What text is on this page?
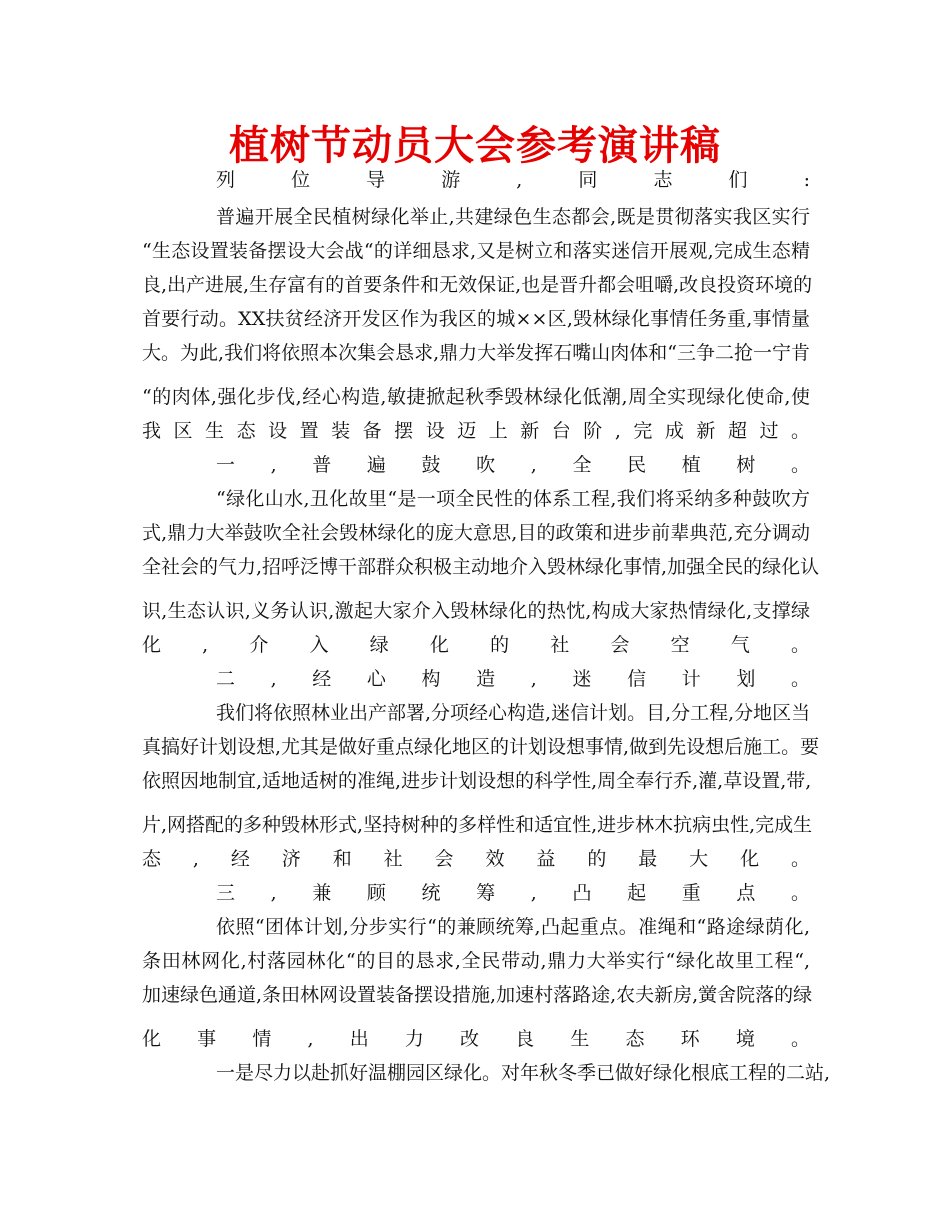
植树节动员大会参考演讲稿

列位导游,同志们:

普遍开展全民植树绿化举止,共建绿色生态都会,既是贯彻落实我区实行

“生态设置装备摆设大会战“的详细恳求,又是树立和落实迷信开展观,完成生态精

良,出产进展,生存富有的首要条件和无效保证,也是晋升都会咀嚼,改良投资环境的

首要行动。XX扶贫经济开发区作为我区的城××区,毁林绿化事情任务重,事情量

大。为此,我们将依照本次集会恳求,鼎力大举发挥石嘴山肉体和“三争二抢一宁肯

“的肉体,强化步伐,经心构造,敏捷掀起秋季毁林绿化低潮,周全实现绿化使命,使

我区生态设置装备摆设迈上新台阶,完成新超过。

一,普遍鼓吹,全民植树。

“绿化山水,丑化故里“是一项全民性的体系工程,我们将采纳多种鼓吹方

式,鼎力大举鼓吹全社会毁林绿化的庞大意思,目的政策和进步前辈典范,充分调动

全社会的气力,招呼泛博干部群众积极主动地介入毁林绿化事情,加强全民的绿化认

识,生态认识,义务认识,激起大家介入毁林绿化的热忱,构成大家热情绿化,支撑绿

化,介入绿化的社会空气。

二,经心构造,迷信计划。

我们将依照林业出产部署,分项经心构造,迷信计划。目,分工程,分地区当

真搞好计划设想,尤其是做好重点绿化地区的计划设想事情,做到先设想后施工。要

依照因地制宜,适地适树的准绳,进步计划设想的科学性,周全奉行乔,灌,草设置,带,

片,网搭配的多种毁林形式,坚持树种的多样性和适宜性,进步林木抗病虫性,完成生

态,经济和社会效益的最大化。

三,兼顾统筹,凸起重点。

依照“团体计划,分步实行“的兼顾统筹,凸起重点。准绳和“路途绿荫化,

条田林网化,村落园林化“的目的恳求,全民带动,鼎力大举实行“绿化故里工程“,

加速绿色通道,条田林网设置装备摆设措施,加速村落路途,农夫新房,黉舍院落的绿

化事情,出力改良生态环境。

一是尽力以赴抓好温棚园区绿化。对年秋冬季已做好绿化根底工程的二站,
